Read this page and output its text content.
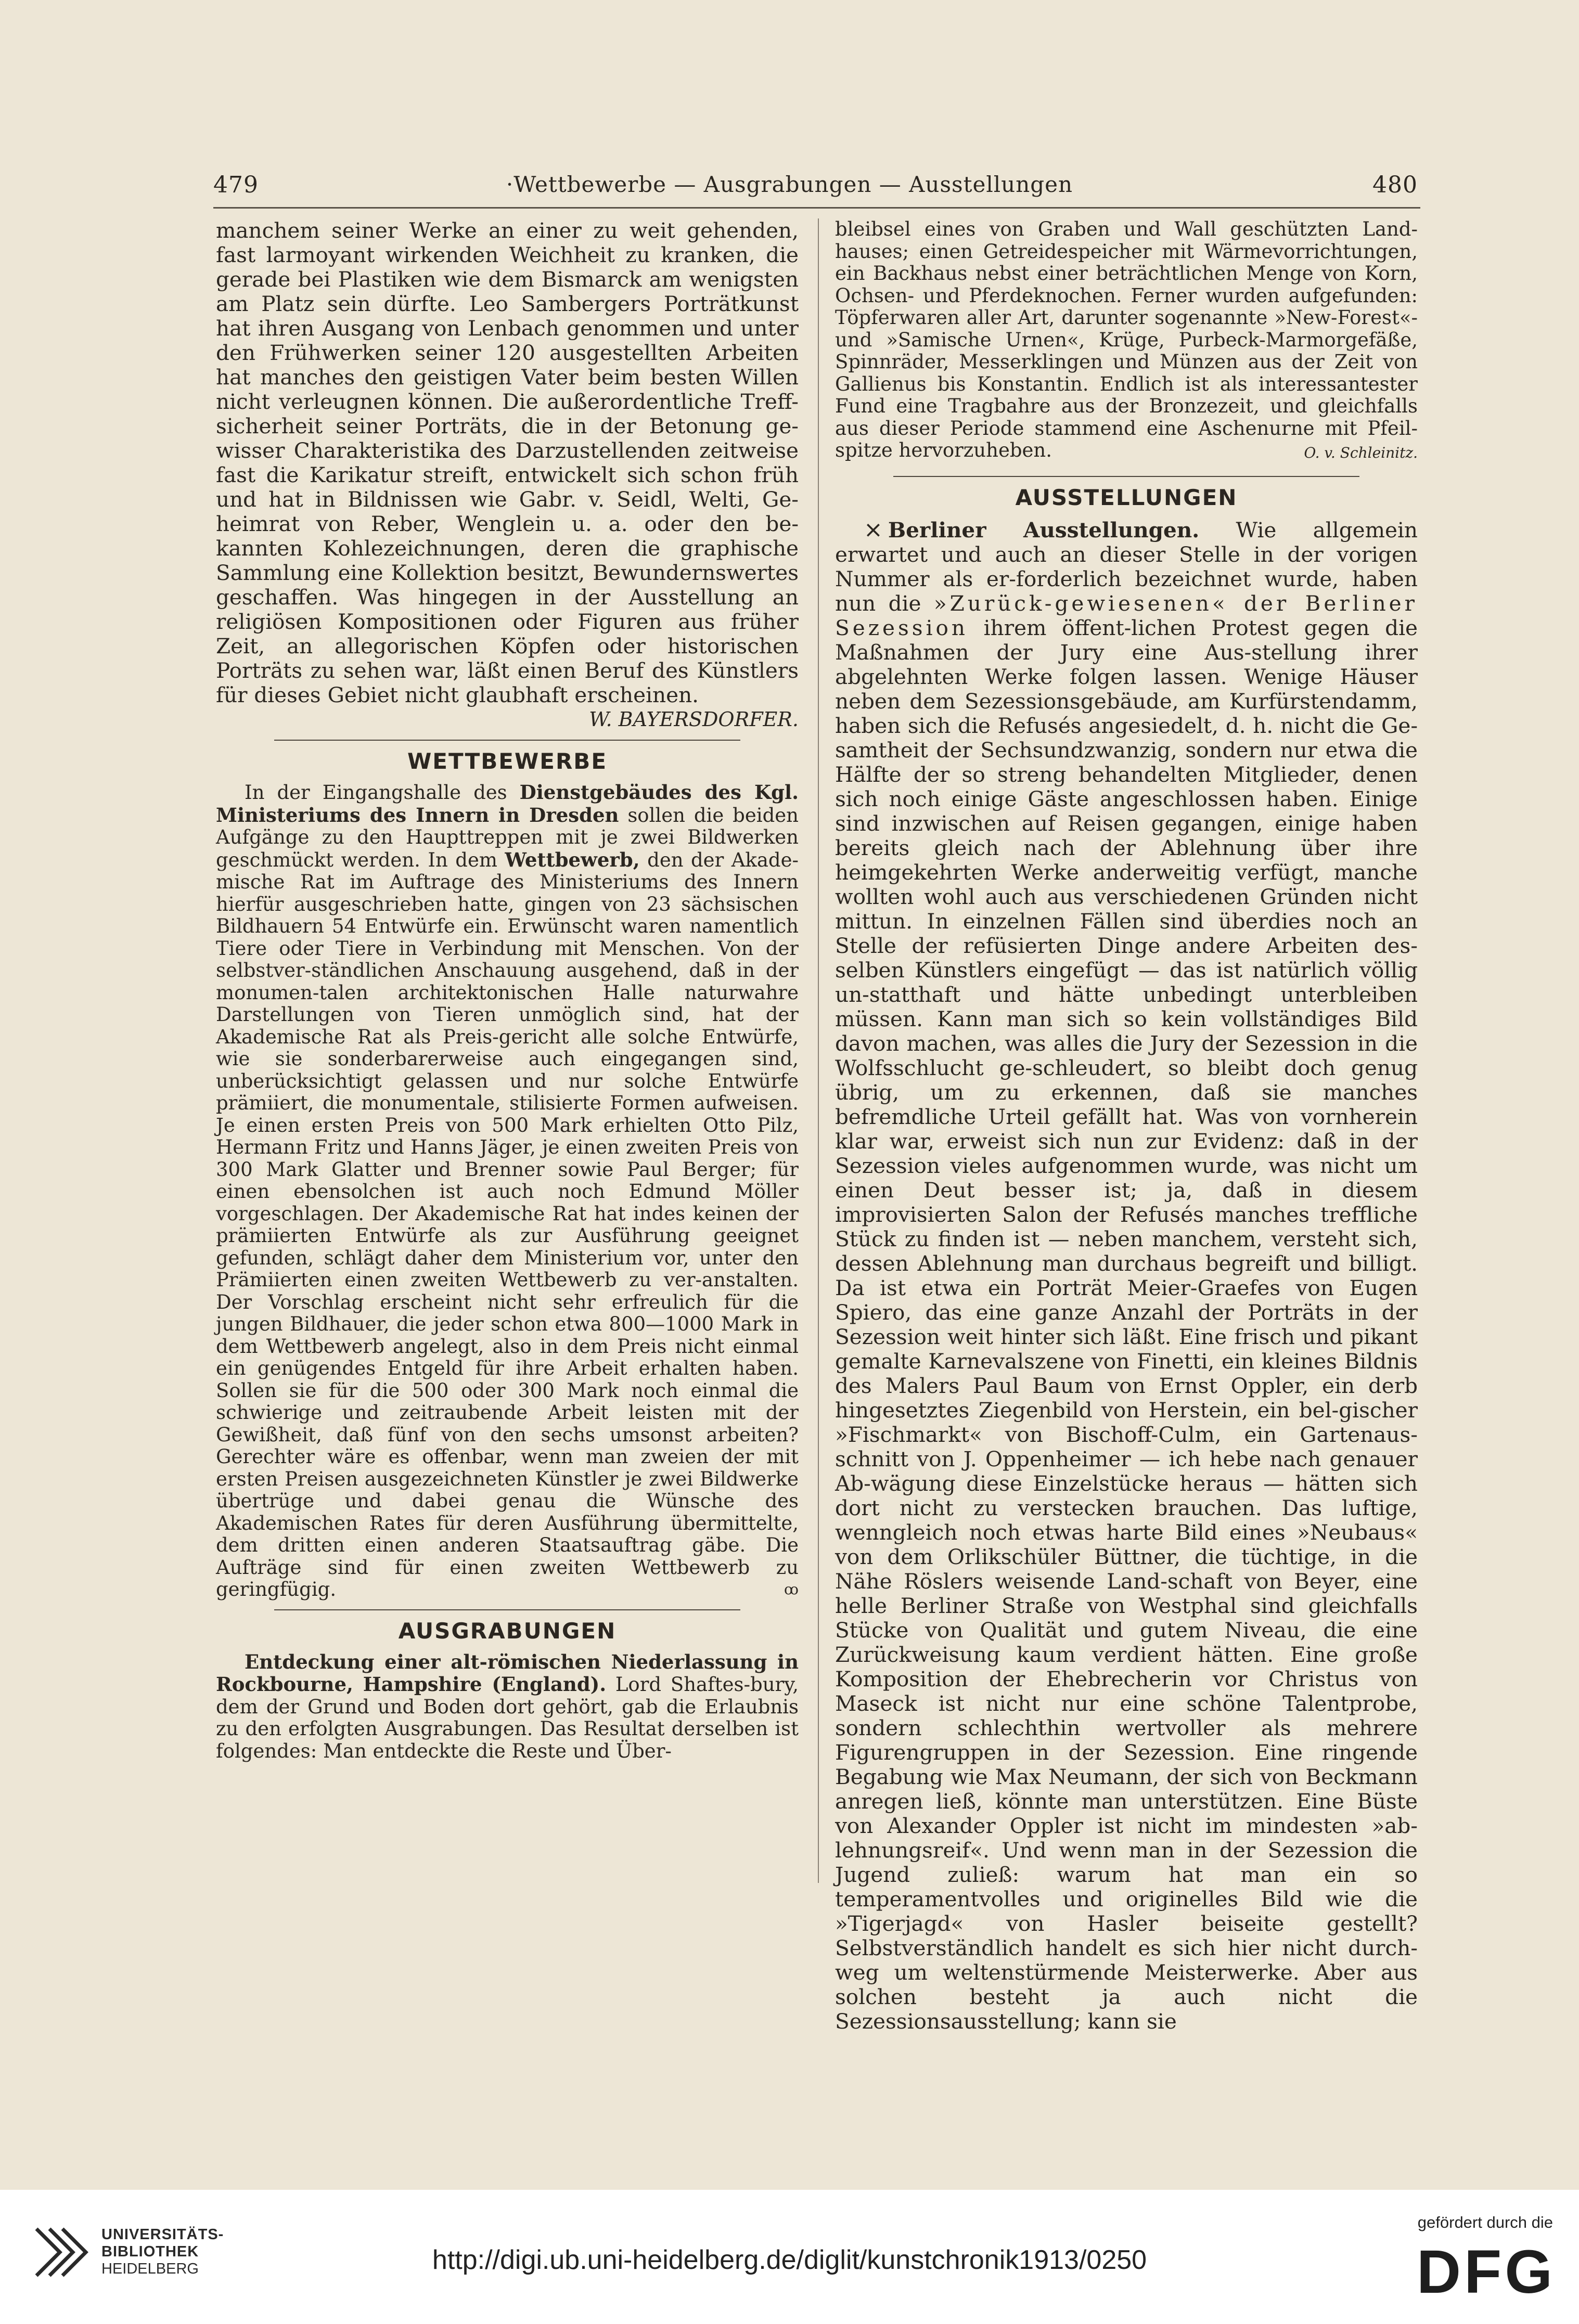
479	·Wettbewerbe — Ausgrabungen — Ausstellungen	480

manchem seiner Werke an einer zu weit gehenden, fast larmoyant wirkenden Weichheit zu kranken, die gerade bei Plastiken wie dem Bismarck am wenigsten am Platz sein dürfte. Leo Sambergers Porträtkunst hat ihren Ausgang von Lenbach genommen und unter den Frühwerken seiner 120 ausgestellten Arbeiten hat manches den geistigen Vater beim besten Willen nicht verleugnen können. Die außerordentliche Treff-sicherheit seiner Porträts, die in der Betonung ge-wisser Charakteristika des Darzustellenden zeitweise fast die Karikatur streift, entwickelt sich schon früh und hat in Bildnissen wie Gabr. v. Seidl, Welti, Ge-heimrat von Reber, Wenglein u. a. oder den be-kannten Kohlezeichnungen, deren die graphische Sammlung eine Kollektion besitzt, Bewundernswertes geschaffen. Was hingegen in der Ausstellung an religiösen Kompositionen oder Figuren aus früher Zeit, an allegorischen Köpfen oder historischen Porträts zu sehen war, läßt einen Beruf des Künstlers für dieses Gebiet nicht glaubhaft erscheinen.

W. BAYERSDORFER.

WETTBEWERBE

In der Eingangshalle des Dienstgebäudes des Kgl. Ministeriums des Innern in Dresden sollen die beiden Aufgänge zu den Haupttreppen mit je zwei Bildwerken geschmückt werden. In dem Wettbewerb, den der Akade-mische Rat im Auftrage des Ministeriums des Innern hierfür ausgeschrieben hatte, gingen von 23 sächsischen Bildhauern 54 Entwürfe ein. Erwünscht waren namentlich Tiere oder Tiere in Verbindung mit Menschen. Von der selbstver-ständlichen Anschauung ausgehend, daß in der monumen-talen architektonischen Halle naturwahre Darstellungen von Tieren unmöglich sind, hat der Akademische Rat als Preis-gericht alle solche Entwürfe, wie sie sonderbarerweise auch eingegangen sind, unberücksichtigt gelassen und nur solche Entwürfe prämiiert, die monumentale, stilisierte Formen aufweisen. Je einen ersten Preis von 500 Mark erhielten Otto Pilz, Hermann Fritz und Hanns Jäger, je einen zweiten Preis von 300 Mark Glatter und Brenner sowie Paul Berger; für einen ebensolchen ist auch noch Edmund Möller vorgeschlagen. Der Akademische Rat hat indes keinen der prämiierten Entwürfe als zur Ausführung geeignet gefunden, schlägt daher dem Ministerium vor, unter den Prämiierten einen zweiten Wettbewerb zu ver-anstalten. Der Vorschlag erscheint nicht sehr erfreulich für die jungen Bildhauer, die jeder schon etwa 800—1000 Mark in dem Wettbewerb angelegt, also in dem Preis nicht einmal ein genügendes Entgeld für ihre Arbeit erhalten haben. Sollen sie für die 500 oder 300 Mark noch einmal die schwierige und zeitraubende Arbeit leisten mit der Gewißheit, daß fünf von den sechs umsonst arbeiten? Gerechter wäre es offenbar, wenn man zweien der mit ersten Preisen ausgezeichneten Künstler je zwei Bildwerke übertrüge und dabei genau die Wünsche des Akademischen Rates für deren Ausführung übermittelte, dem dritten einen anderen Staatsauftrag gäbe. Die Aufträge sind für einen zweiten Wettbewerb zu geringfügig.	ꝏ

AUSGRABUNGEN

Entdeckung einer alt-römischen Niederlassung in Rockbourne, Hampshire (England). Lord Shaftes-bury, dem der Grund und Boden dort gehört, gab die Erlaubnis zu den erfolgten Ausgrabungen. Das Resultat derselben ist folgendes: Man entdeckte die Reste und Über-

bleibsel eines von Graben und Wall geschützten Land-hauses; einen Getreidespeicher mit Wärmevorrichtungen, ein Backhaus nebst einer beträchtlichen Menge von Korn, Ochsen- und Pferdeknochen. Ferner wurden aufgefunden: Töpferwaren aller Art, darunter sogenannte »New-Forest«- und »Samische Urnen«, Krüge, Purbeck-Marmorgefäße, Spinnräder, Messerklingen und Münzen aus der Zeit von Gallienus bis Konstantin. Endlich ist als interessantester Fund eine Tragbahre aus der Bronzezeit, und gleichfalls aus dieser Periode stammend eine Aschenurne mit Pfeil-spitze hervorzuheben.	O. v. Schleinitz.

AUSSTELLUNGEN

× Berliner Ausstellungen. Wie allgemein erwartet und auch an dieser Stelle in der vorigen Nummer als er-forderlich bezeichnet wurde, haben nun die »Zurück-gewiesenen« der Berliner Sezession ihrem öffent-lichen Protest gegen die Maßnahmen der Jury eine Aus-stellung ihrer abgelehnten Werke folgen lassen. Wenige Häuser neben dem Sezessionsgebäude, am Kurfürstendamm, haben sich die Refusés angesiedelt, d. h. nicht die Ge-samtheit der Sechsundzwanzig, sondern nur etwa die Hälfte der so streng behandelten Mitglieder, denen sich noch einige Gäste angeschlossen haben. Einige sind inzwischen auf Reisen gegangen, einige haben bereits gleich nach der Ablehnung über ihre heimgekehrten Werke anderweitig verfügt, manche wollten wohl auch aus verschiedenen Gründen nicht mittun. In einzelnen Fällen sind überdies noch an Stelle der refüsierten Dinge andere Arbeiten des-selben Künstlers eingefügt — das ist natürlich völlig un-statthaft und hätte unbedingt unterbleiben müssen. Kann man sich so kein vollständiges Bild davon machen, was alles die Jury der Sezession in die Wolfsschlucht ge-schleudert, so bleibt doch genug übrig, um zu erkennen, daß sie manches befremdliche Urteil gefällt hat. Was von vornherein klar war, erweist sich nun zur Evidenz: daß in der Sezession vieles aufgenommen wurde, was nicht um einen Deut besser ist; ja, daß in diesem improvisierten Salon der Refusés manches treffliche Stück zu finden ist — neben manchem, versteht sich, dessen Ablehnung man durchaus begreift und billigt. Da ist etwa ein Porträt Meier-Graefes von Eugen Spiero, das eine ganze Anzahl der Porträts in der Sezession weit hinter sich läßt. Eine frisch und pikant gemalte Karnevalszene von Finetti, ein kleines Bildnis des Malers Paul Baum von Ernst Oppler, ein derb hingesetztes Ziegenbild von Herstein, ein bel-gischer »Fischmarkt« von Bischoff-Culm, ein Gartenaus-schnitt von J. Oppenheimer — ich hebe nach genauer Ab-wägung diese Einzelstücke heraus — hätten sich dort nicht zu verstecken brauchen. Das luftige, wenngleich noch etwas harte Bild eines »Neubaus« von dem Orlikschüler Büttner, die tüchtige, in die Nähe Röslers weisende Land-schaft von Beyer, eine helle Berliner Straße von Westphal sind gleichfalls Stücke von Qualität und gutem Niveau, die eine Zurückweisung kaum verdient hätten. Eine große Komposition der Ehebrecherin vor Christus von Maseck ist nicht nur eine schöne Talentprobe, sondern schlechthin wertvoller als mehrere Figurengruppen in der Sezession. Eine ringende Begabung wie Max Neumann, der sich von Beckmann anregen ließ, könnte man unterstützen. Eine Büste von Alexander Oppler ist nicht im mindesten »ab-lehnungsreif«. Und wenn man in der Sezession die Jugend zuließ: warum hat man ein so temperamentvolles und originelles Bild wie die »Tigerjagd« von Hasler beiseite gestellt? Selbstverständlich handelt es sich hier nicht durch-weg um weltenstürmende Meisterwerke. Aber aus solchen besteht ja auch nicht die Sezessionsausstellung; kann sie

UNIVERSITÄTS-
BIBLIOTHEK
HEIDELBERG	http://digi.ub.uni-heidelberg.de/diglit/kunstchronik1913/0250
gefördert durch die
DFG
